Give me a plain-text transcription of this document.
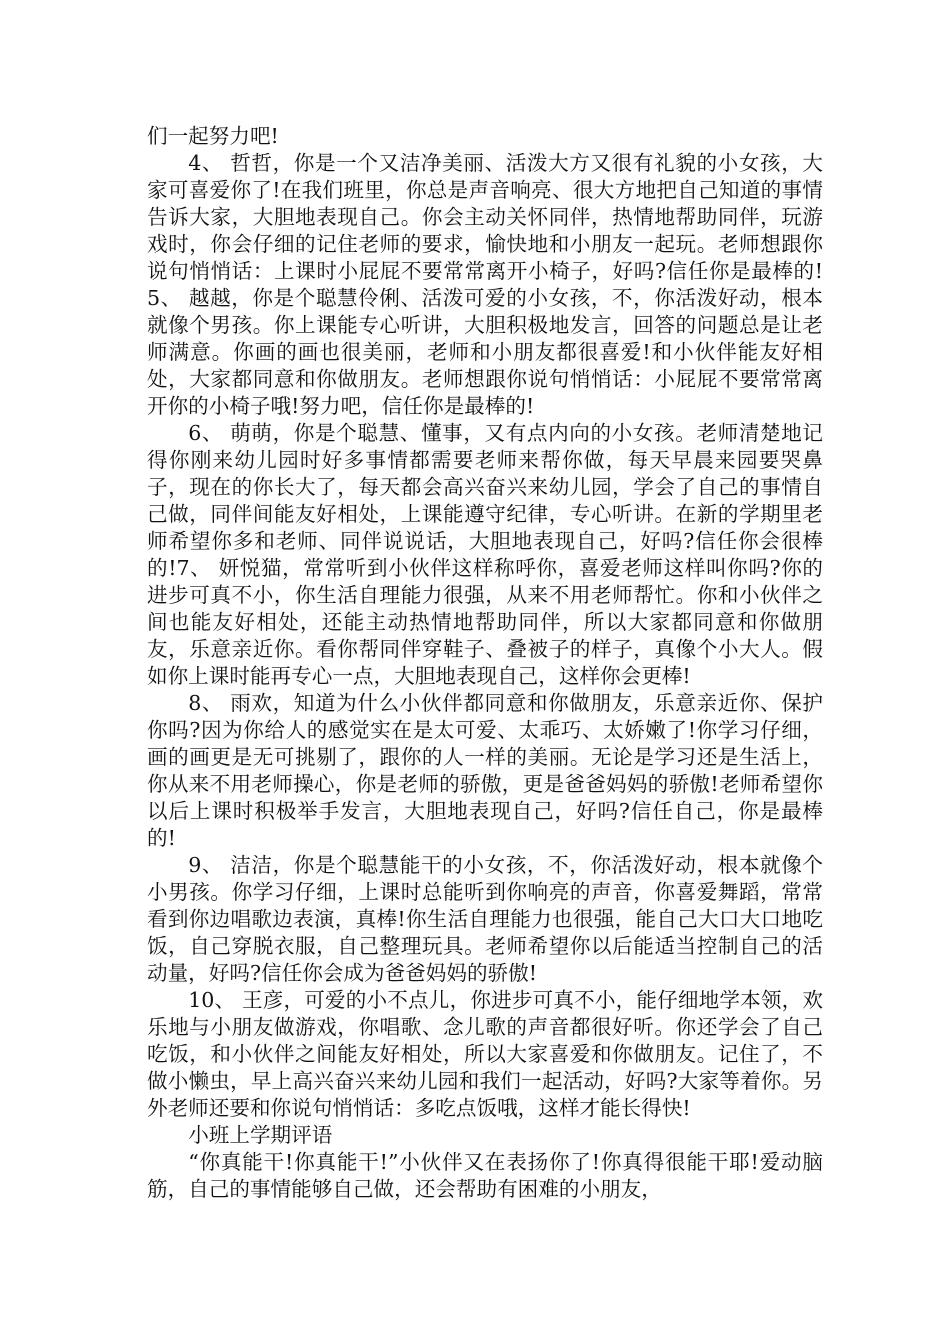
们一起努力吧!

4、 哲哲，你是一个又洁净美丽、活泼大方又很有礼貌的小女孩，大家可喜爱你了!在我们班里，你总是声音响亮、很大方地把自己知道的事情告诉大家，大胆地表现自己。你会主动关怀同伴，热情地帮助同伴，玩游戏时，你会仔细的记住老师的要求，愉快地和小朋友一起玩。老师想跟你说句悄悄话：上课时小屁屁不要常常离开小椅子，好吗?信任你是最棒的!5、 越越，你是个聪慧伶俐、活泼可爱的小女孩，不，你活泼好动，根本就像个男孩。你上课能专心听讲，大胆积极地发言，回答的问题总是让老师满意。你画的画也很美丽，老师和小朋友都很喜爱!和小伙伴能友好相处，大家都同意和你做朋友。老师想跟你说句悄悄话：小屁屁不要常常离开你的小椅子哦!努力吧，信任你是最棒的!

6、 萌萌，你是个聪慧、懂事，又有点内向的小女孩。老师清楚地记得你刚来幼儿园时好多事情都需要老师来帮你做，每天早晨来园要哭鼻子，现在的你长大了，每天都会高兴奋兴来幼儿园，学会了自己的事情自己做，同伴间能友好相处，上课能遵守纪律，专心听讲。在新的学期里老师希望你多和老师、同伴说说话，大胆地表现自己，好吗?信任你会很棒的!7、 妍悦猫，常常听到小伙伴这样称呼你，喜爱老师这样叫你吗?你的进步可真不小，你生活自理能力很强，从来不用老师帮忙。你和小伙伴之间也能友好相处，还能主动热情地帮助同伴，所以大家都同意和你做朋友，乐意亲近你。看你帮同伴穿鞋子、叠被子的样子，真像个小大人。假如你上课时能再专心一点，大胆地表现自己，这样你会更棒!

8、 雨欢，知道为什么小伙伴都同意和你做朋友，乐意亲近你、保护你吗?因为你给人的感觉实在是太可爱、太乖巧、太娇嫩了!你学习仔细，画的画更是无可挑剔了，跟你的人一样的美丽。无论是学习还是生活上，你从来不用老师操心，你是老师的骄傲，更是爸爸妈妈的骄傲!老师希望你以后上课时积极举手发言，大胆地表现自己，好吗?信任自己，你是最棒的!

9、 洁洁，你是个聪慧能干的小女孩，不，你活泼好动，根本就像个小男孩。你学习仔细，上课时总能听到你响亮的声音，你喜爱舞蹈，常常看到你边唱歌边表演，真棒!你生活自理能力也很强，能自己大口大口地吃饭，自己穿脱衣服，自己整理玩具。老师希望你以后能适当控制自己的活动量，好吗?信任你会成为爸爸妈妈的骄傲!

10、 王彦，可爱的小不点儿，你进步可真不小，能仔细地学本领，欢乐地与小朋友做游戏，你唱歌、念儿歌的声音都很好听。你还学会了自己吃饭，和小伙伴之间能友好相处，所以大家喜爱和你做朋友。记住了，不做小懒虫，早上高兴奋兴来幼儿园和我们一起活动，好吗?大家等着你。另外老师还要和你说句悄悄话：多吃点饭哦，这样才能长得快!

小班上学期评语

“你真能干!你真能干!”小伙伴又在表扬你了!你真得很能干耶!爱动脑筋，自己的事情能够自己做，还会帮助有困难的小朋友，
